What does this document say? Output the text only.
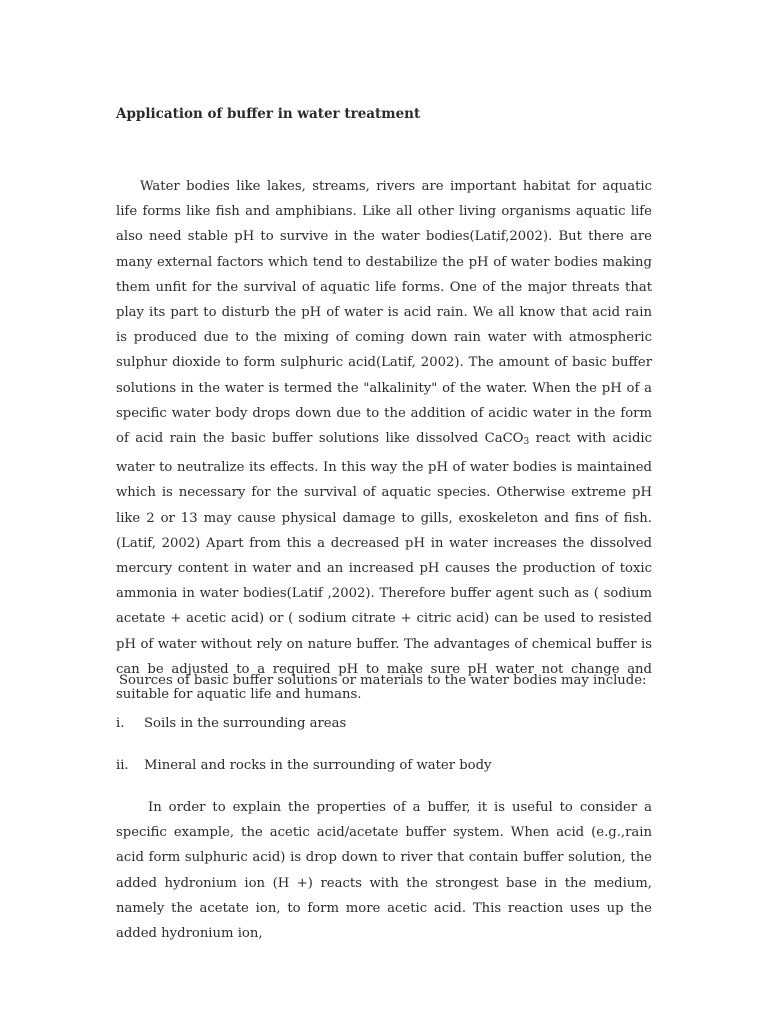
Application of buffer in water treatment

Water bodies like lakes, streams, rivers are important habitat for aquatic life forms like fish and amphibians. Like all other living organisms aquatic life also need stable pH to survive in the water bodies(Latif,2002). But there are many external factors which tend to destabilize the pH of water bodies making them unfit for the survival of aquatic life forms. One of the major threats that play its part to disturb the pH of water is acid rain. We all know that acid rain is produced due to the mixing of coming down rain water with atmospheric sulphur dioxide to form sulphuric acid(Latif, 2002). The amount of basic buffer solutions in the water is termed the "alkalinity" of the water. When the pH of a specific water body drops down due to the addition of acidic water in the form of acid rain the basic buffer solutions like dissolved CaCO$_3$ react with acidic water to neutralize its effects. In this way the pH of water bodies is maintained which is necessary for the survival of aquatic species. Otherwise extreme pH like 2 or 13 may cause physical damage to gills, exoskeleton and fins of fish.(Latif, 2002) Apart from this a decreased pH in water increases the dissolved mercury content in water and an increased pH causes the production of toxic ammonia in water bodies(Latif ,2002). Therefore buffer agent such as ( sodium acetate + acetic acid) or ( sodium citrate + citric acid) can be used to resisted pH of water without rely on nature buffer. The advantages of chemical buffer is can be adjusted to a required pH to make sure pH water not change and suitable for aquatic life and humans.

Sources of basic buffer solutions or materials to the water bodies may include:

i. Soils in the surrounding areas
ii. Mineral and rocks in the surrounding of water body

In order to explain the properties of a buffer, it is useful to consider a specific example, the acetic acid/acetate buffer system. When acid (e.g.,rain acid form sulphuric acid) is drop down to river that contain buffer solution, the added hydronium ion (H +) reacts with the strongest base in the medium, namely the acetate ion, to form more acetic acid. This reaction uses up the added hydronium ion,
